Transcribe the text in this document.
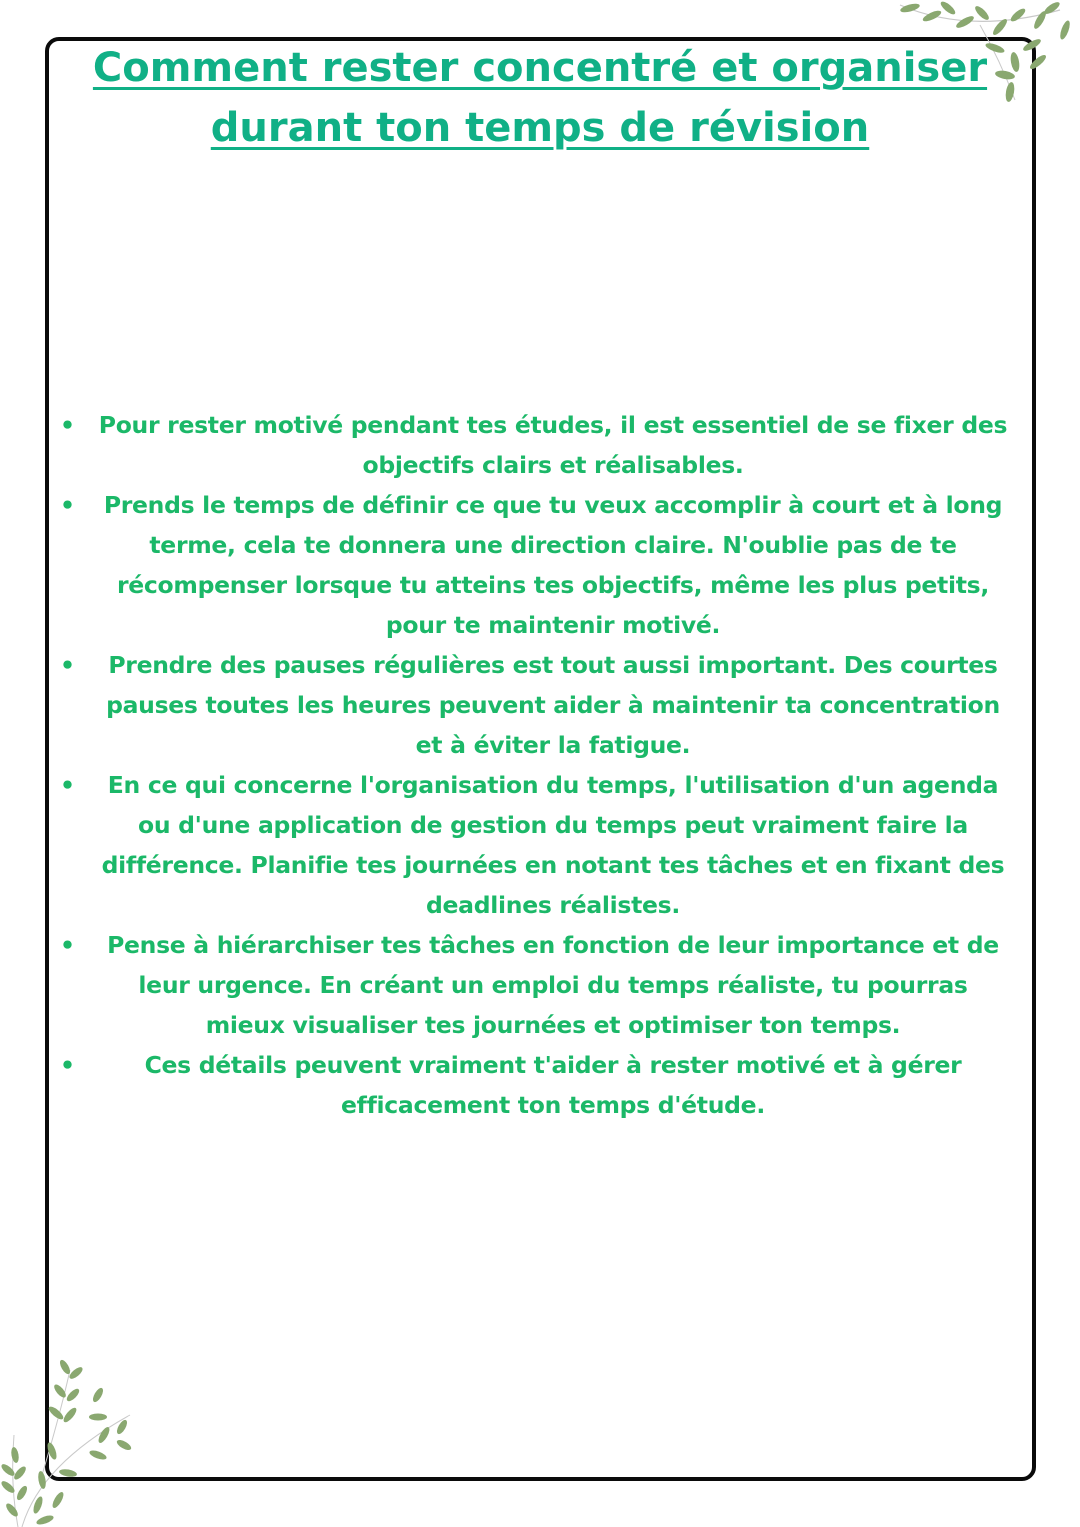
Comment rester concentré et organiser
durant ton temps de révision
• Pour rester motivé pendant tes études, il est essentiel de se fixer des objectifs clairs et réalisables.
• Prends le temps de définir ce que tu veux accomplir à court et à long terme, cela te donnera une direction claire. N'oublie pas de te récompenser lorsque tu atteins tes objectifs, même les plus petits, pour te maintenir motivé.
• Prendre des pauses régulières est tout aussi important. Des courtes pauses toutes les heures peuvent aider à maintenir ta concentration et à éviter la fatigue.
• En ce qui concerne l'organisation du temps, l'utilisation d'un agenda ou d'une application de gestion du temps peut vraiment faire la différence. Planifie tes journées en notant tes tâches et en fixant des deadlines réalistes.
• Pense à hiérarchiser tes tâches en fonction de leur importance et de leur urgence. En créant un emploi du temps réaliste, tu pourras mieux visualiser tes journées et optimiser ton temps.
•	Ces détails peuvent vraiment t'aider à rester motivé et à gérer efficacement ton temps d'étude.
